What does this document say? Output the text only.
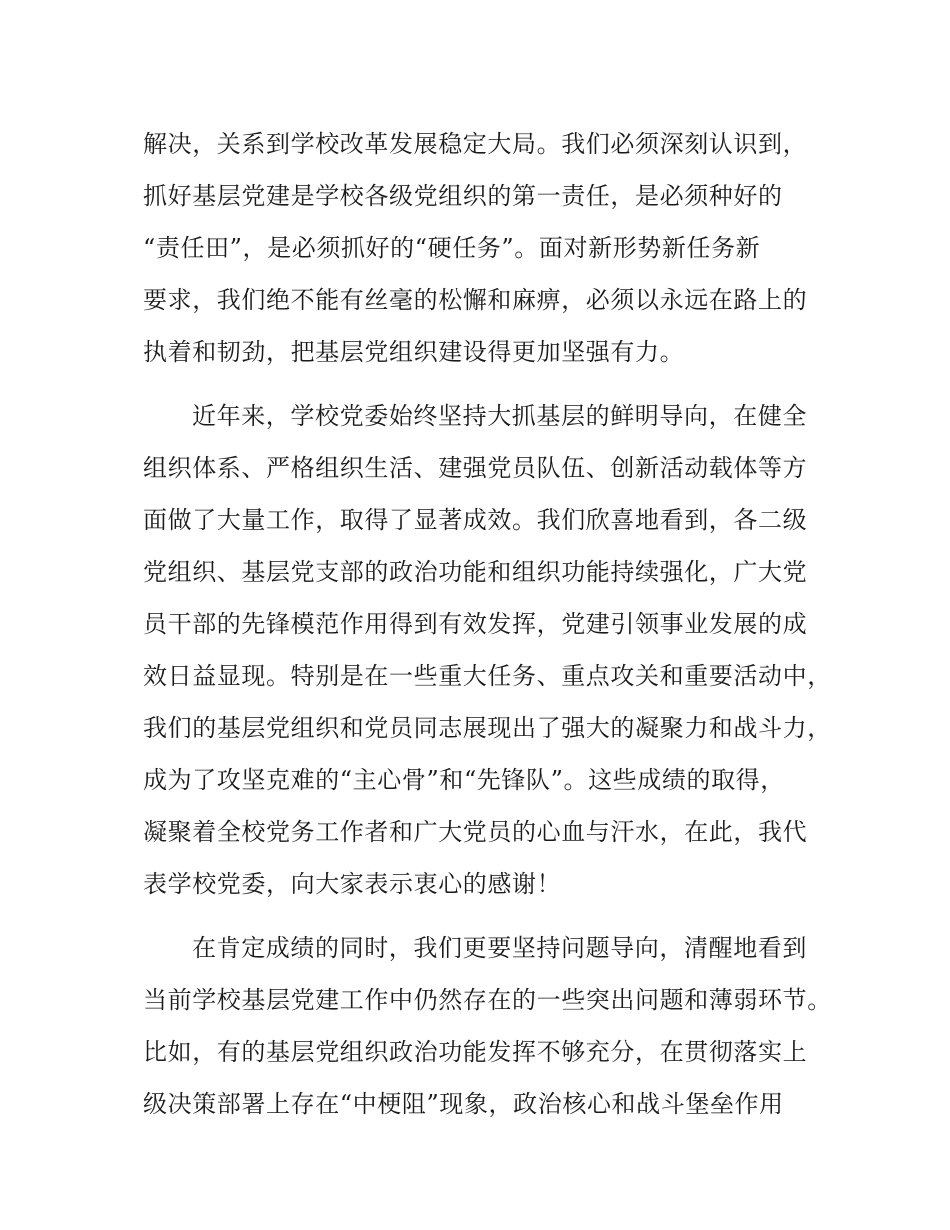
解决，关系到学校改革发展稳定大局。我们必须深刻认识到，
抓好基层党建是学校各级党组织的第一责任，是必须种好的
“责任田”，是必须抓好的“硬任务”。面对新形势新任务新
要求，我们绝不能有丝毫的松懈和麻痹，必须以永远在路上的
执着和韧劲，把基层党组织建设得更加坚强有力。
近年来，学校党委始终坚持大抓基层的鲜明导向，在健全
组织体系、严格组织生活、建强党员队伍、创新活动载体等方
面做了大量工作，取得了显著成效。我们欣喜地看到，各二级
党组织、基层党支部的政治功能和组织功能持续强化，广大党
员干部的先锋模范作用得到有效发挥，党建引领事业发展的成
效日益显现。特别是在一些重大任务、重点攻关和重要活动中，
我们的基层党组织和党员同志展现出了强大的凝聚力和战斗力，
成为了攻坚克难的“主心骨”和“先锋队”。这些成绩的取得，
凝聚着全校党务工作者和广大党员的心血与汗水，在此，我代
表学校党委，向大家表示衷心的感谢！
在肯定成绩的同时，我们更要坚持问题导向，清醒地看到
当前学校基层党建工作中仍然存在的一些突出问题和薄弱环节。
比如，有的基层党组织政治功能发挥不够充分，在贯彻落实上
级决策部署上存在“中梗阻”现象，政治核心和战斗堡垒作用
